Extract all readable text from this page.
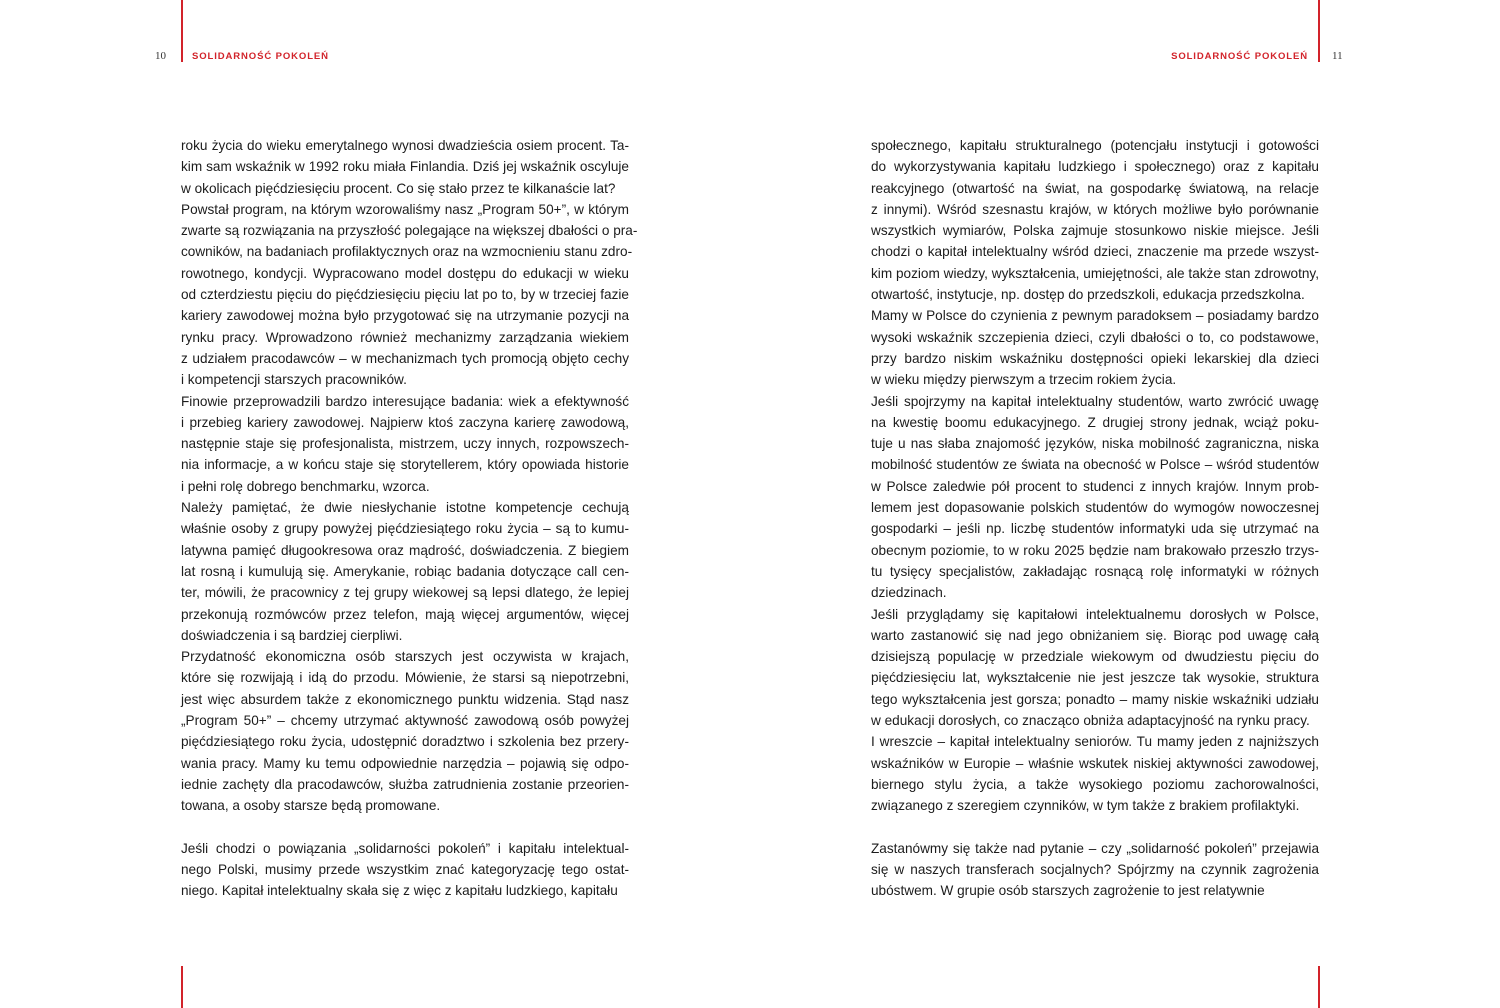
10	SOLIDARNOŚĆ POKOLEŃ	SOLIDARNOŚĆ POKOLEŃ 11

roku życia do wieku emerytalnego wynosi dwadzieścia osiem procent. Ta-

kim sam wskaźnik w 1992 roku miała Finlandia. Dziś jej wskaźnik oscyluje

w okolicach pięćdziesięciu procent. Co się stało przez te kilkanaście lat?

Powstał program, na którym wzorowaliśmy nasz „Program 50+”, w którym

zwarte są rozwiązania na przyszłość polegające na większej dbałości o pra-

cowników, na badaniach profilaktycznych oraz na wzmocnieniu stanu zdro-

rowotnego, kondycji. Wypracowano model dostępu do edukacji w wieku

od czterdziestu pięciu do pięćdziesięciu pięciu lat po to, by w trzeciej fazie

kariery zawodowej można było przygotować się na utrzymanie pozycji na

rynku pracy. Wprowadzono również mechanizmy zarządzania wiekiem

z udziałem pracodawców – w mechanizmach tych promocją objęto cechy

i kompetencji starszych pracowników.

Finowie przeprowadzili bardzo interesujące badania: wiek a efektywność

i przebieg kariery zawodowej. Najpierw ktoś zaczyna karierę zawodową,

następnie staje się profesjonalista, mistrzem, uczy innych, rozpowszech-

nia informacje, a w końcu staje się storytellerem, który opowiada historie

i pełni rolę dobrego benchmarku, wzorca.

Należy pamiętać, że dwie niesłychanie istotne kompetencje cechują

właśnie osoby z grupy powyżej pięćdziesiątego roku życia – są to kumu-

latywna pamięć długookresowa oraz mądrość, doświadczenia. Z biegiem

lat rosną i kumulują się. Amerykanie, robiąc badania dotyczące call cen-

ter, mówili, że pracownicy z tej grupy wiekowej są lepsi dlatego, że lepiej

przekonują rozmówców przez telefon, mają więcej argumentów, więcej

doświadczenia i są bardziej cierpliwi.

Przydatność ekonomiczna osób starszych jest oczywista w krajach,

które się rozwijają i idą do przodu. Mówienie, że starsi są niepotrzebni,

jest więc absurdem także z ekonomicznego punktu widzenia. Stąd nasz

„Program 50+” – chcemy utrzymać aktywność zawodową osób powyżej

pięćdziesiątego roku życia, udostępnić doradztwo i szkolenia bez przery-

wania pracy. Mamy ku temu odpowiednie narzędzia – pojawią się odpo-

iednie zachęty dla pracodawców, służba zatrudnienia zostanie przeorien-

towana, a osoby starsze będą promowane.

Jeśli chodzi o powiązania „solidarności pokoleń” i kapitału intelektual-

nego Polski, musimy przede wszystkim znać kategoryzację tego ostat-

niego. Kapitał intelektualny skała się z więc z kapitału ludzkiego, kapitału

społecznego, kapitału strukturalnego (potencjału instytucji i gotowości

do wykorzystywania kapitału ludzkiego i społecznego) oraz z kapitału

reakcyjnego (otwartość na świat, na gospodarkę światową, na relacje

z innymi). Wśród szesnastu krajów, w których możliwe było porównanie

wszystkich wymiarów, Polska zajmuje stosunkowo niskie miejsce. Jeśli

chodzi o kapitał intelektualny wśród dzieci, znaczenie ma przede wszyst-

kim poziom wiedzy, wykształcenia, umiejętności, ale także stan zdrowotny,

otwartość, instytucje, np. dostęp do przedszkoli, edukacja przedszkolna.

Mamy w Polsce do czynienia z pewnym paradoksem – posiadamy bardzo

wysoki wskaźnik szczepienia dzieci, czyli dbałości o to, co podstawowe,

przy bardzo niskim wskaźniku dostępności opieki lekarskiej dla dzieci

w wieku między pierwszym a trzecim rokiem życia.

Jeśli spojrzymy na kapitał intelektualny studentów, warto zwrócić uwagę

na kwestię boomu edukacyjnego. Z drugiej strony jednak, wciąż poku-

tuje u nas słaba znajomość języków, niska mobilność zagraniczna, niska

mobilność studentów ze świata na obecność w Polsce – wśród studentów

w Polsce zaledwie pół procent to studenci z innych krajów. Innym prob-

lemem jest dopasowanie polskich studentów do wymogów nowoczesnej

gospodarki – jeśli np. liczbę studentów informatyki uda się utrzymać na

obecnym poziomie, to w roku 2025 będzie nam brakowało przeszło trzys-

tu tysięcy specjalistów, zakładając rosnącą rolę informatyki w różnych

dziedzinach.

Jeśli przyglądamy się kapitałowi intelektualnemu dorosłych w Polsce,

warto zastanowić się nad jego obniżaniem się. Biorąc pod uwagę całą

dzisiejszą populację w przedziale wiekowym od dwudziestu pięciu do

pięćdziesięciu lat, wykształcenie nie jest jeszcze tak wysokie, struktura

tego wykształcenia jest gorsza; ponadto – mamy niskie wskaźniki udziału

w edukacji dorosłych, co znacząco obniża adaptacyjność na rynku pracy.

I wreszcie – kapitał intelektualny seniorów. Tu mamy jeden z najniższych

wskaźników w Europie – właśnie wskutek niskiej aktywności zawodowej,

biernego stylu życia, a także wysokiego poziomu zachorowalności,

związanego z szeregiem czynników, w tym także z brakiem profilaktyki.

Zastanówmy się także nad pytanie – czy „solidarność pokoleń” przejawia

się w naszych transferach socjalnych? Spójrzmy na czynnik zagrożenia

ubóstwem. W grupie osób starszych zagrożenie to jest relatywnie
